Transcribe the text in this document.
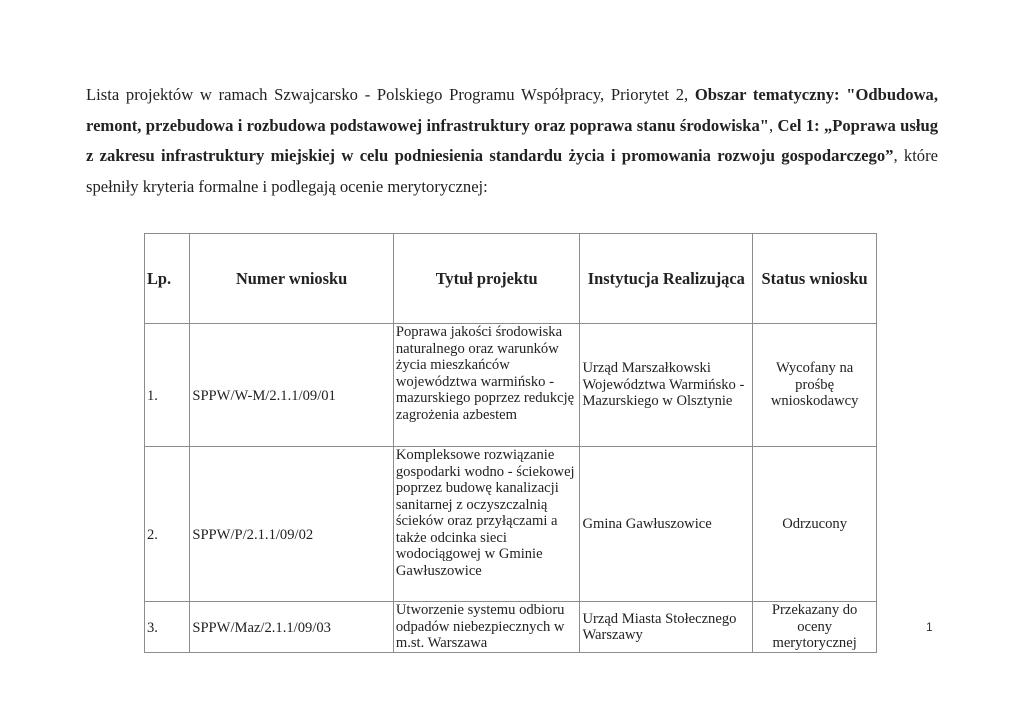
Lista projektów w ramach Szwajcarsko - Polskiego Programu Współpracy, Priorytet 2, Obszar tematyczny: "Odbudowa, remont, przebudowa i rozbudowa podstawowej infrastruktury oraz poprawa stanu środowiska", Cel 1: „Poprawa usług z zakresu infrastruktury miejskiej w celu podniesienia standardu życia i promowania rozwoju gospodarczego”, które spełniły kryteria formalne i podlegają ocenie merytorycznej:
Lp.	Numer wniosku	Tytuł projektu	Instytucja Realizująca	Status wniosku
1.	SPPW/W-M/2.1.1/09/01	Poprawa jakości środowiska naturalnego oraz warunków życia mieszkańców województwa warmińsko - mazurskiego poprzez redukcję zagrożenia azbestem	Urząd Marszałkowski Województwa Warmińsko - Mazurskiego w Olsztynie	Wycofany na prośbę wnioskodawcy
2.	SPPW/P/2.1.1/09/02	Kompleksowe rozwiązanie gospodarki wodno - ściekowej poprzez budowę kanalizacji sanitarnej z oczyszczalnią ścieków oraz przyłączami a także odcinka sieci wodociągowej w Gminie Gawłuszowice	Gmina Gawłuszowice	Odrzucony
3.	SPPW/Maz/2.1.1/09/03	Utworzenie systemu odbioru odpadów niebezpiecznych w m.st. Warszawa	Urząd Miasta Stołecznego Warszawy	Przekazany do oceny merytorycznej
1
